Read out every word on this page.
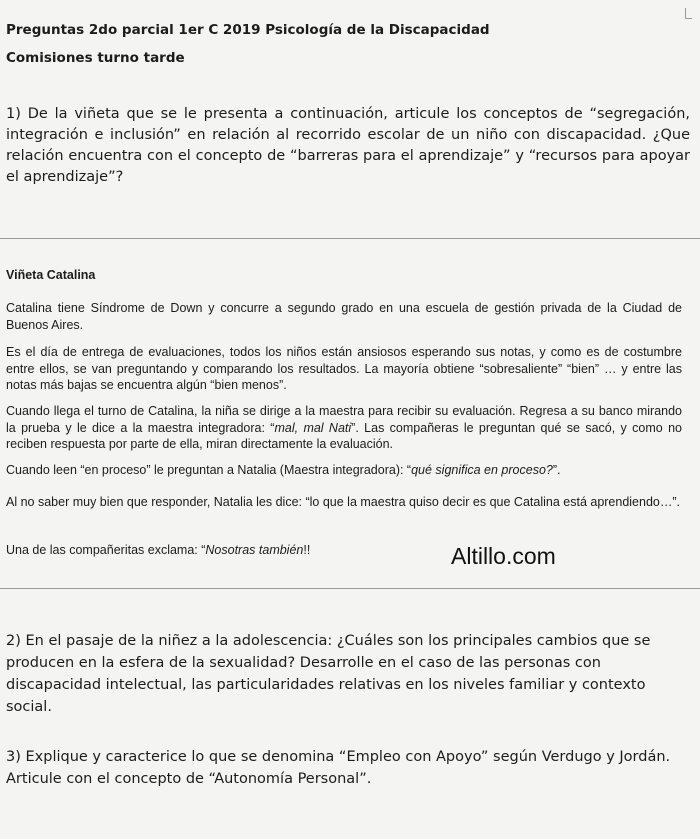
Preguntas 2do parcial 1er C 2019 Psicología de la Discapacidad
Comisiones turno tarde
1) De la viñeta que se le presenta a continuación, articule los conceptos de “segregación, integración e inclusión” en relación al recorrido escolar de un niño con discapacidad. ¿Que relación encuentra con el concepto de “barreras para el aprendizaje” y “recursos para apoyar el aprendizaje”?
Viñeta Catalina
Catalina tiene Síndrome de Down y concurre a segundo grado en una escuela de gestión privada de la Ciudad de Buenos Aires.
Es el día de entrega de evaluaciones, todos los niños están ansiosos esperando sus notas, y como es de costumbre entre ellos, se van preguntando y comparando los resultados. La mayoría obtiene “sobresaliente” “bien” … y entre las notas más bajas se encuentra algún “bien menos”.
Cuando llega el turno de Catalina, la niña se dirige a la maestra para recibir su evaluación. Regresa a su banco mirando la prueba y le dice a la maestra integradora: “mal, mal Nati”. Las compañeras le preguntan qué se sacó, y como no reciben respuesta por parte de ella, miran directamente la evaluación.
Cuando leen “en proceso” le preguntan a Natalia (Maestra integradora): “qué significa en proceso?”.
Al no saber muy bien que responder, Natalia les dice: “lo que la maestra quiso decir es que Catalina está aprendiendo…”.
Una de las compañeritas exclama: “Nosotras también!!	Altillo.com
2) En el pasaje de la niñez a la adolescencia: ¿Cuáles son los principales cambios que se producen en la esfera de la sexualidad? Desarrolle en el caso de las personas con discapacidad intelectual, las particularidades relativas en los niveles familiar y contexto social.
3) Explique y caracterice lo que se denomina “Empleo con Apoyo” según Verdugo y Jordán. Articule con el concepto de “Autonomía Personal”.
